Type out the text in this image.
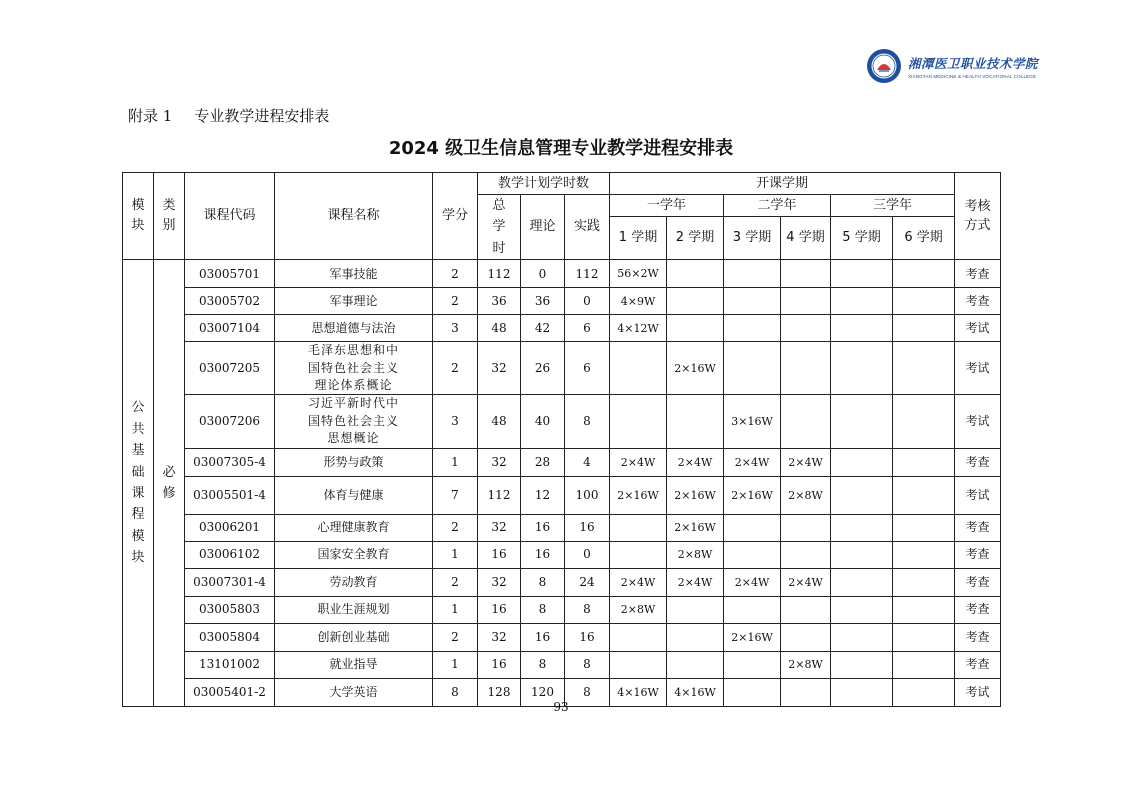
湘潭医卫职业技术学院
XIANGTAN MEDICINE & HEALTH VOCATIONAL COLLEGE
附录 1 专业教学进程安排表
2024 级卫生信息管理专业教学进程安排表
模块	类别	课程代码	课程名称	学分	教学计划学时数			开课学期						考核方式
					总学时	理论	实践	一学年		二学年		三学年		
								1 学期	2 学期	3 学期	4 学期	5 学期	6 学期	
公共基础课程模块	必修	03005701	军事技能	2	112	0	112	56×2W						考查
		03005702	军事理论	2	36	36	0	4×9W						考查
		03007104	思想道德与法治	3	48	42	6	4×12W						考试
		03007205	毛泽东思想和中国特色社会主义理论体系概论	2	32	26	6		2×16W					考试
		03007206	习近平新时代中国特色社会主义思想概论	3	48	40	8			3×16W				考试
		03007305-4	形势与政策	1	32	28	4	2×4W	2×4W	2×4W	2×4W			考查
		03005501-4	体育与健康	7	112	12	100	2×16W	2×16W	2×16W	2×8W			考试
		03006201	心理健康教育	2	32	16	16		2×16W					考查
		03006102	国家安全教育	1	16	16	0		2×8W					考查
		03007301-4	劳动教育	2	32	8	24	2×4W	2×4W	2×4W	2×4W			考查
		03005803	职业生涯规划	1	16	8	8	2×8W						考查
		03005804	创新创业基础	2	32	16	16			2×16W				考查
		13101002	就业指导	1	16	8	8				2×8W			考查
		03005401-2	大学英语	8	128	120	8	4×16W	4×16W					考试
93
